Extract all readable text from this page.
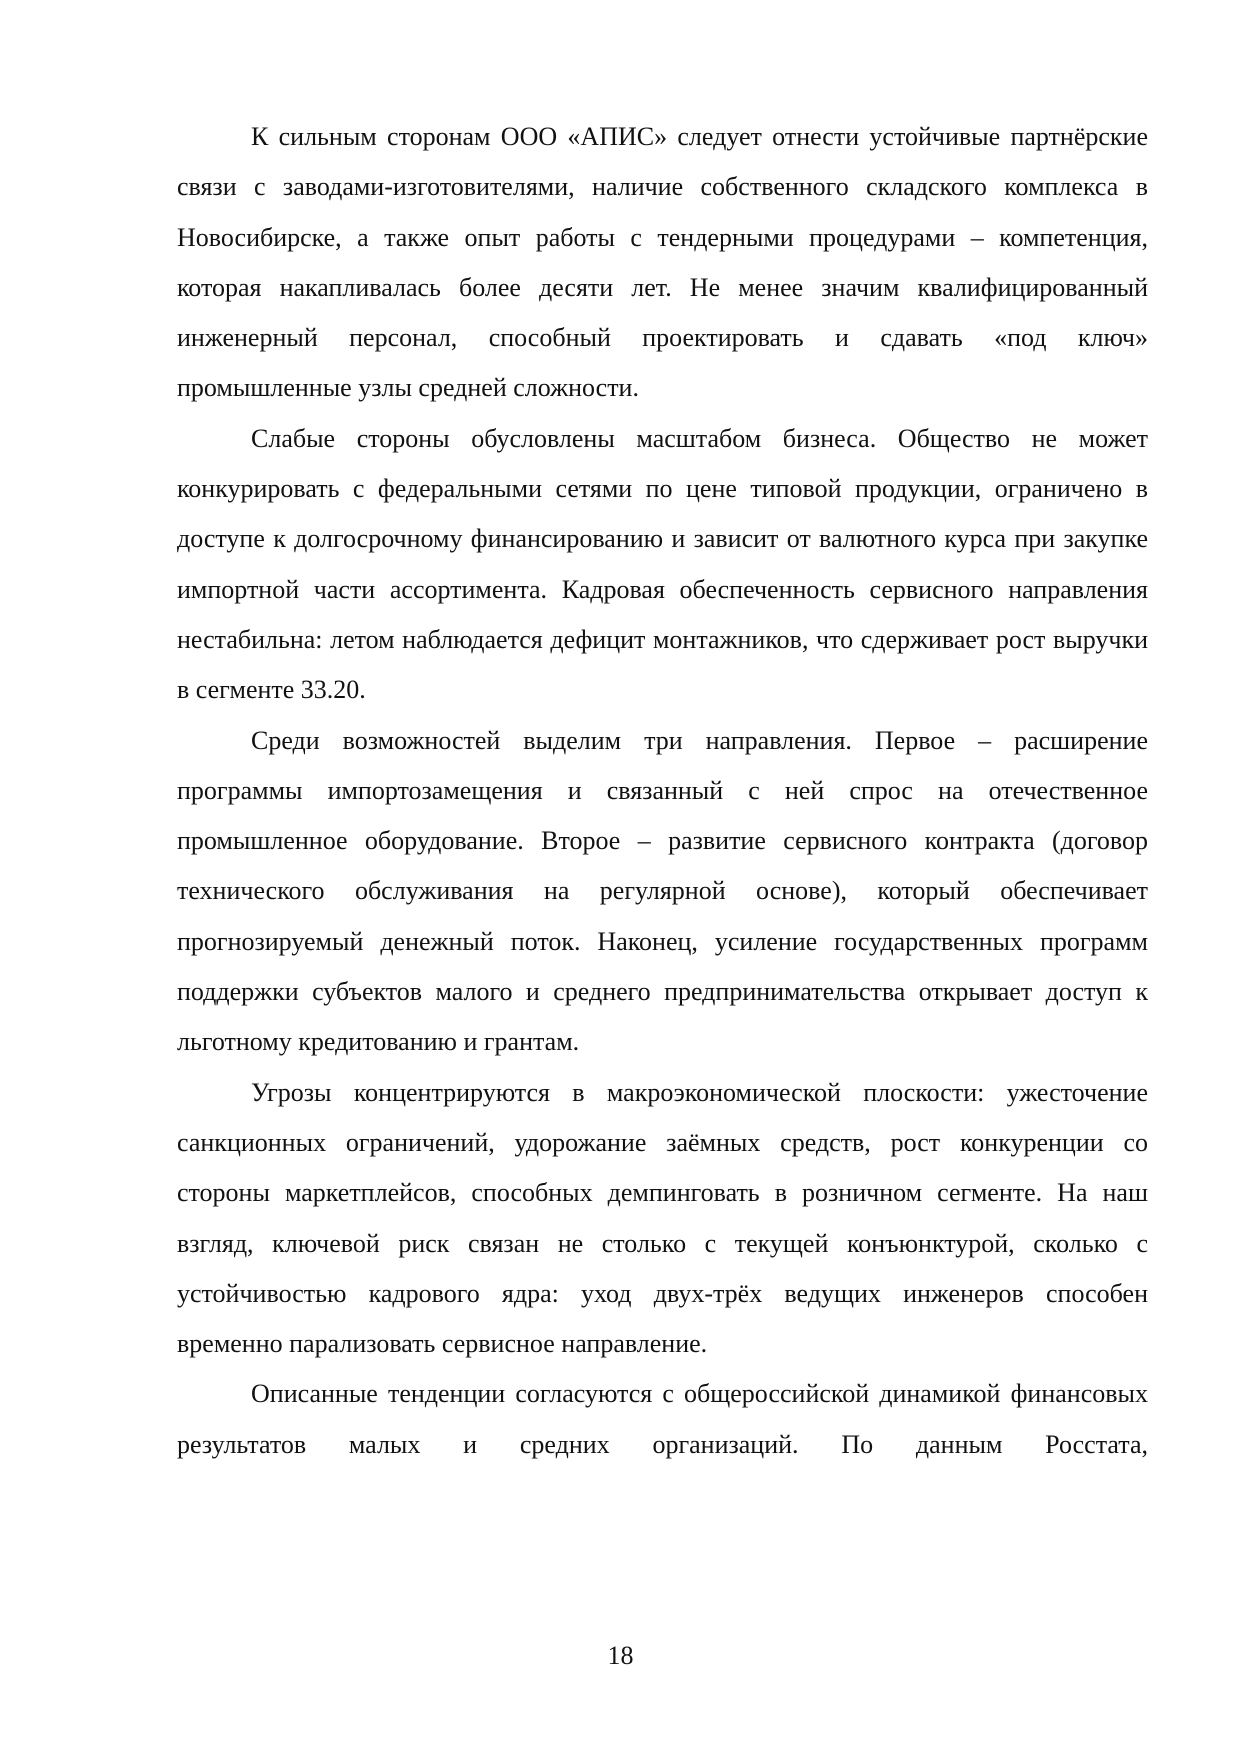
К сильным сторонам ООО «АПИС» следует отнести устойчивые партнёрские связи с заводами-изготовителями, наличие собственного складского комплекса в Новосибирске, а также опыт работы с тендерными процедурами – компетенция, которая накапливалась более десяти лет. Не менее значим квалифицированный инженерный персонал, способный проектировать и сдавать «под ключ» промышленные узлы средней сложности.

Слабые стороны обусловлены масштабом бизнеса. Общество не может конкурировать с федеральными сетями по цене типовой продукции, ограничено в доступе к долгосрочному финансированию и зависит от валютного курса при закупке импортной части ассортимента. Кадровая обеспеченность сервисного направления нестабильна: летом наблюдается дефицит монтажников, что сдерживает рост выручки в сегменте 33.20.

Среди возможностей выделим три направления. Первое – расширение программы импортозамещения и связанный с ней спрос на отечественное промышленное оборудование. Второе – развитие сервисного контракта (договор технического обслуживания на регулярной основе), который обеспечивает прогнозируемый денежный поток. Наконец, усиление государственных программ поддержки субъектов малого и среднего предпринимательства открывает доступ к льготному кредитованию и грантам.

Угрозы концентрируются в макроэкономической плоскости: ужесточение санкционных ограничений, удорожание заёмных средств, рост конкуренции со стороны маркетплейсов, способных демпинговать в розничном сегменте. На наш взгляд, ключевой риск связан не столько с текущей конъюнктурой, сколько с устойчивостью кадрового ядра: уход двух-трёх ведущих инженеров способен временно парализовать сервисное направление.

Описанные тенденции согласуются с общероссийской динамикой финансовых результатов малых и средних организаций. По данным Росстата,

18
